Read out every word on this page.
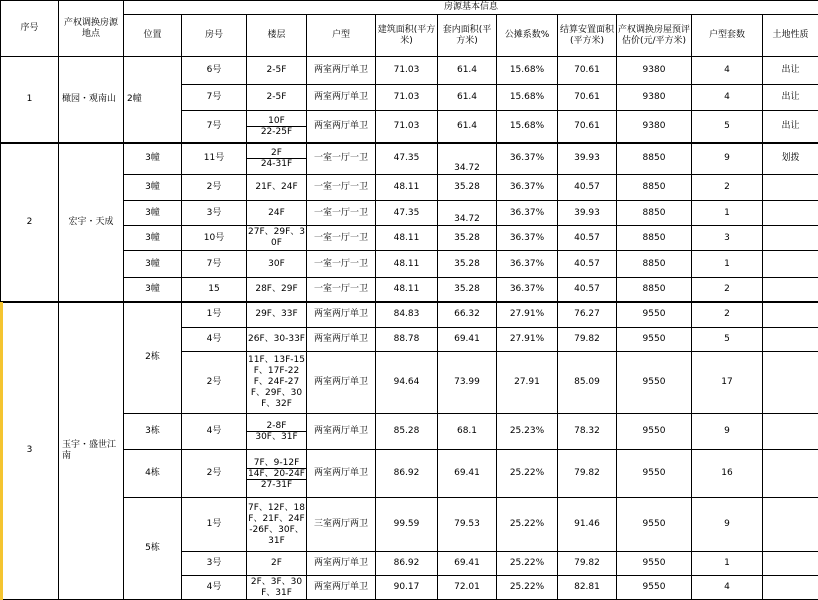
序号	产权调换房源地点	房源基本信息										
		位置	房号	楼层	户型	建筑面积(平方米)	套内面积(平方米)	公摊系数%	结算安置面积(平方米)	产权调换房屋预评估价(元/平方米)	户型套数	土地性质

1	橄园・观南山	2幢	6号	2-5F	两室两厅单卫	71.03	61.4	15.68%	70.61	9380	4	出让
			7号	2-5F	两室两厅单卫	71.03	61.4	15.68%	70.61	9380	4	出让
			7号	10F
22-25F	两室两厅单卫	71.03	61.4	15.68%	70.61	9380	5	出让
2	宏宇・天成	3幢	11号	2F
24-31F	一室一厅一卫	47.35	34.72	36.37%	39.93	8850	9	划拨
		3幢	2号	21F、24F	一室一厅一卫	48.11	35.28	36.37%	40.57	8850	2	
		3幢	3号	24F	一室一厅一卫	47.35	34.72	36.37%	39.93	8850	1	
		3幢	10号	27F、29F、30F	一室一厅一卫	48.11	35.28	36.37%	40.57	8850	3	
		3幢	7号	30F	一室一厅一卫	48.11	35.28	36.37%	40.57	8850	1	
		3幢	15	28F、29F	一室一厅一卫	48.11	35.28	36.37%	40.57	8850	2	
3	玉宇・盛世江南	2栋	1号	29F、33F	两室两厅单卫	84.83	66.32	27.91%	76.27	9550	2	
			4号	26F、30-33F	两室两厅单卫	88.78	69.41	27.91%	79.82	9550	5	
			2号	11F、13F-15F、17F-22F、24F-27F、29F、30F、32F	两室两厅单卫	94.64	73.99	27.91	85.09	9550	17	
		3栋	4号	2-8F
30F、31F	两室两厅单卫	85.28	68.1	25.23%	78.32	9550	9	
		4栋	2号	7F、9-12F
14F、20-24F
27-31F	两室两厅单卫	86.92	69.41	25.22%	79.82	9550	16	
		5栋	1号	7F、12F、18F、21F、24F-26F、30F、31F	三室两厅两卫	99.59	79.53	25.22%	91.46	9550	9	
			3号	2F	两室两厅单卫	86.92	69.41	25.22%	79.82	9550	1	
			4号	2F、3F、30F、31F	两室两厅单卫	90.17	72.01	25.22%	82.81	9550	4	
